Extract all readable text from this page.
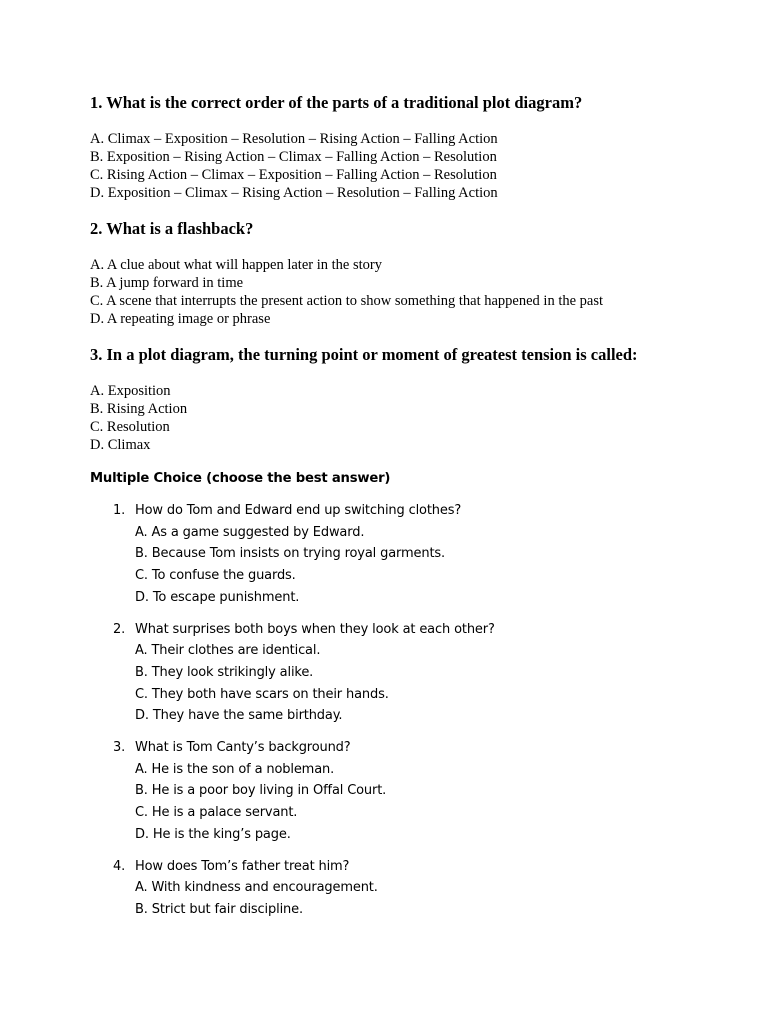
1. What is the correct order of the parts of a traditional plot diagram?

A. Climax – Exposition – Resolution – Rising Action – Falling Action
B. Exposition – Rising Action – Climax – Falling Action – Resolution
C. Rising Action – Climax – Exposition – Falling Action – Resolution
D. Exposition – Climax – Rising Action – Resolution – Falling Action

2. What is a flashback?

A. A clue about what will happen later in the story
B. A jump forward in time
C. A scene that interrupts the present action to show something that happened in the past
D. A repeating image or phrase

3. In a plot diagram, the turning point or moment of greatest tension is called:

A. Exposition
B. Rising Action
C. Resolution
D. Climax

Multiple Choice (choose the best answer)

1. How do Tom and Edward end up switching clothes?
A. As a game suggested by Edward.
B. Because Tom insists on trying royal garments.
C. To confuse the guards.
D. To escape punishment.
2. What surprises both boys when they look at each other?
A. Their clothes are identical.
B. They look strikingly alike.
C. They both have scars on their hands.
D. They have the same birthday.
3. What is Tom Canty’s background?
A. He is the son of a nobleman.
B. He is a poor boy living in Offal Court.
C. He is a palace servant.
D. He is the king’s page.
4. How does Tom’s father treat him?
A. With kindness and encouragement.
B. Strict but fair discipline.
